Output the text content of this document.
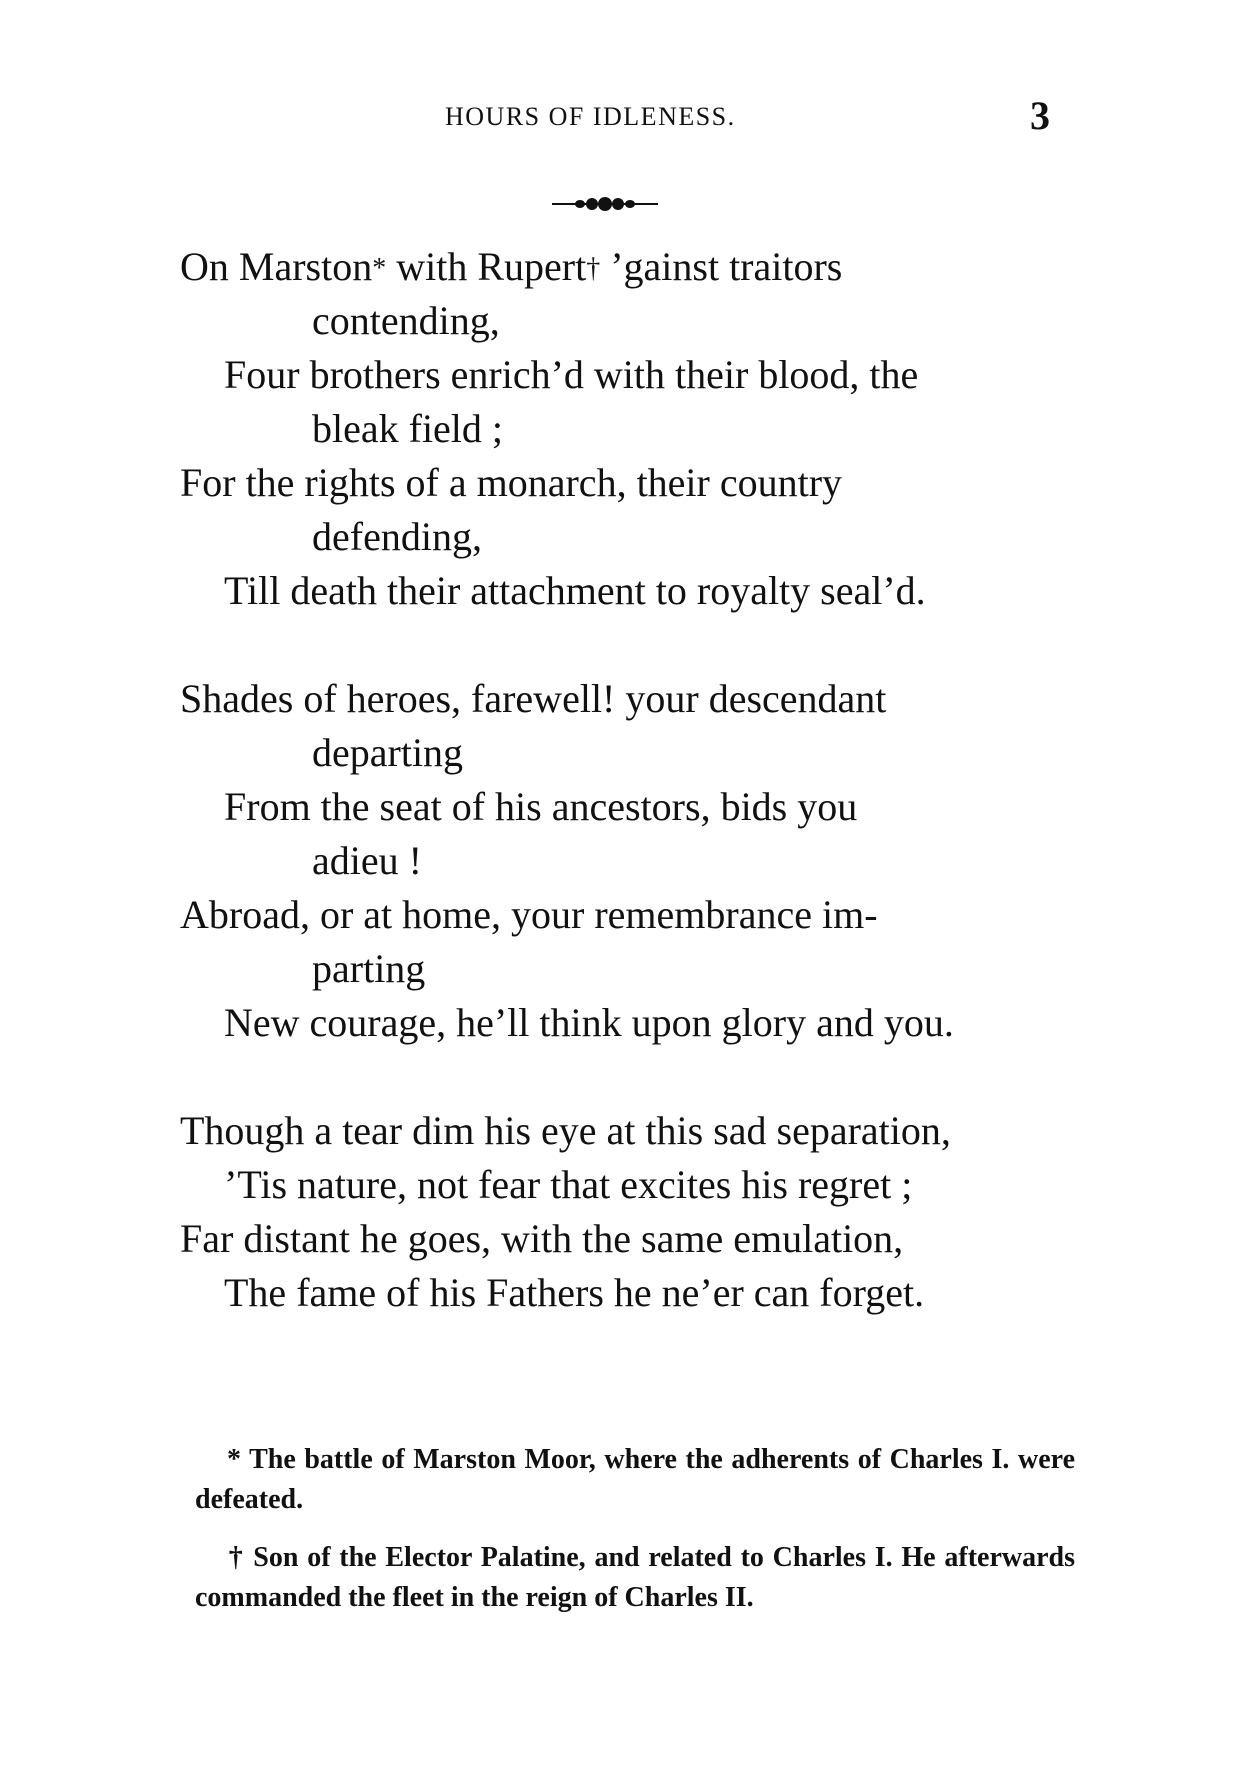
HOURS OF IDLENESS.	3
On Marston* with Rupert† ’gainst traitors
contending,
Four brothers enrich’d with their blood, the
bleak field ;
For the rights of a monarch, their country
defending,
Till death their attachment to royalty seal’d.
Shades of heroes, farewell! your descendant
departing
From the seat of his ancestors, bids you
adieu !
Abroad, or at home, your remembrance im-
parting
New courage, he’ll think upon glory and you.
Though a tear dim his eye at this sad separation,
’Tis nature, not fear that excites his regret ;
Far distant he goes, with the same emulation,
The fame of his Fathers he ne’er can forget.
* The battle of Marston Moor, where the adherents of Charles I. were defeated.
† Son of the Elector Palatine, and related to Charles I. He afterwards commanded the fleet in the reign of Charles II.
